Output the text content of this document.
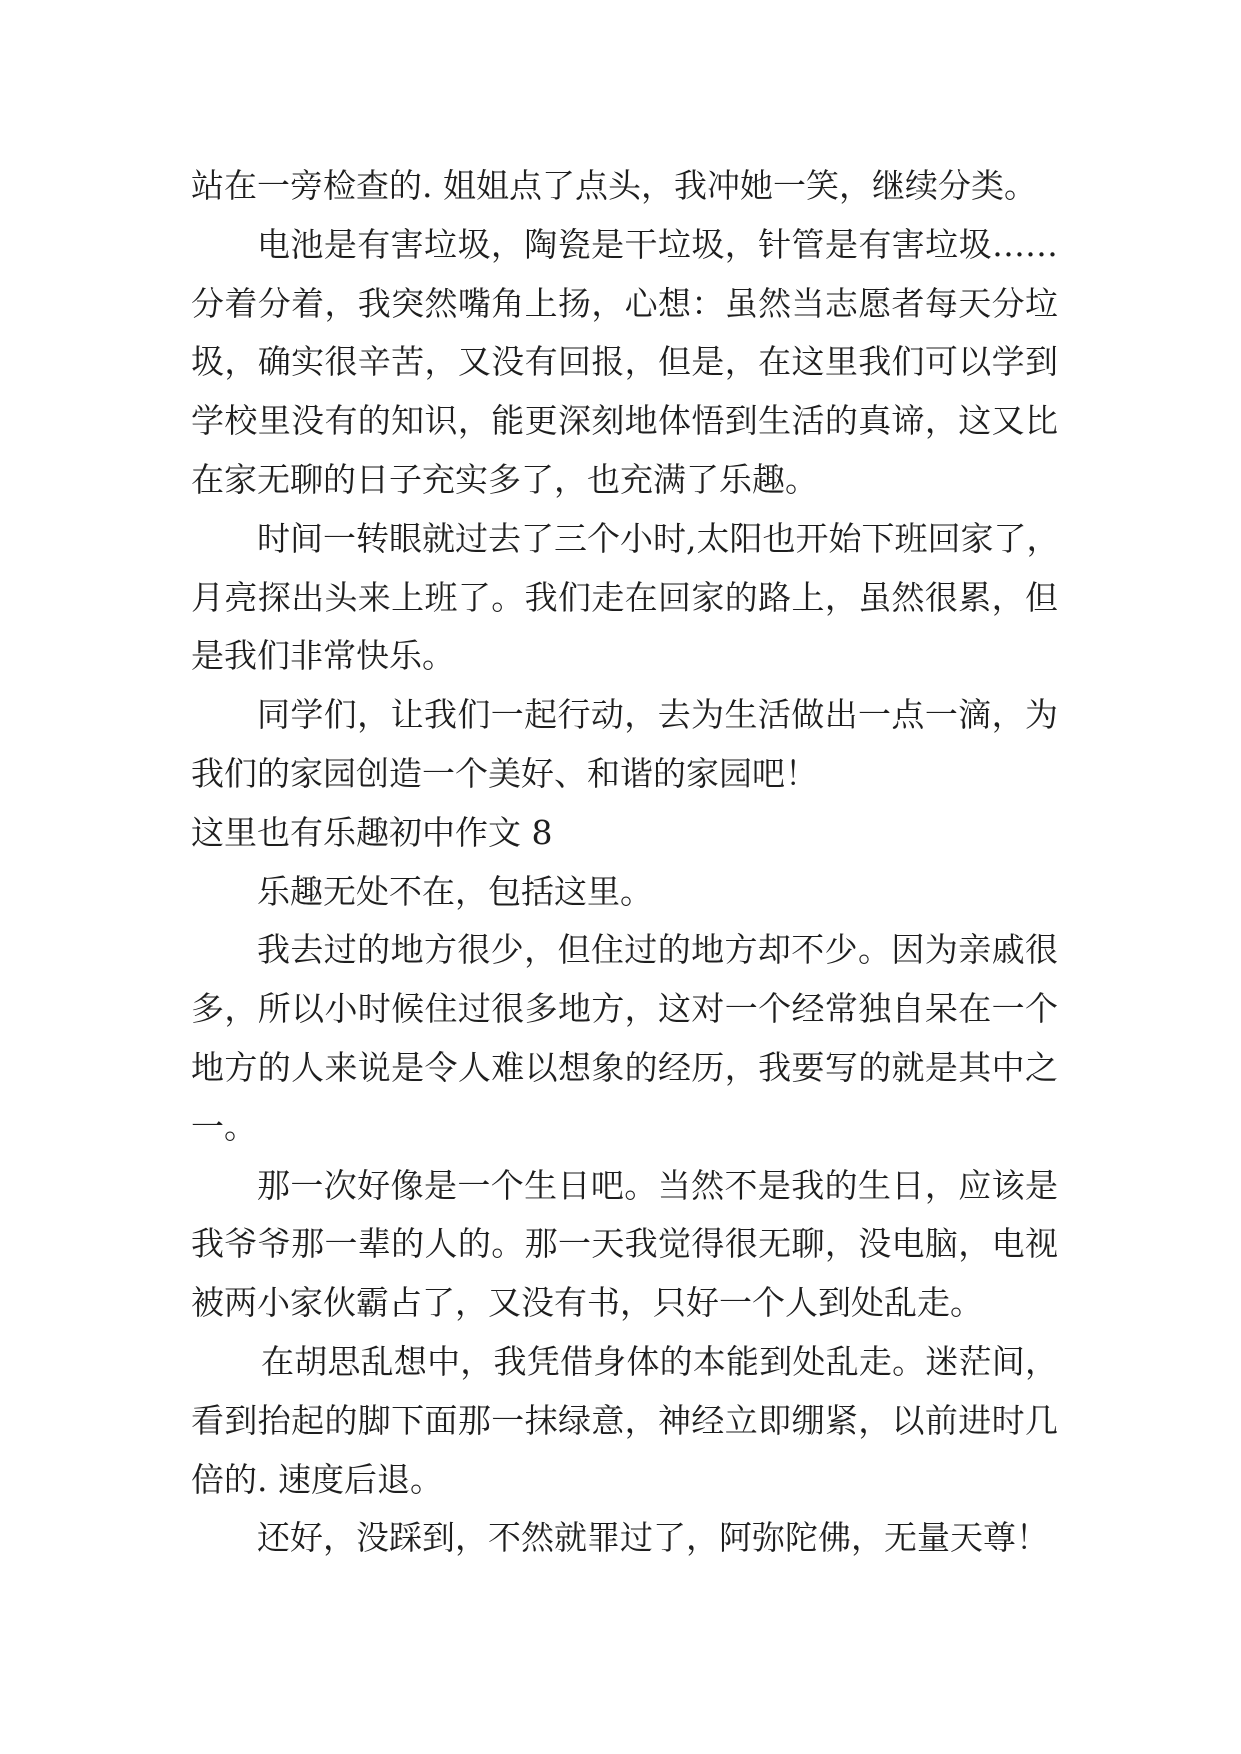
站在一旁检查的. 姐姐点了点头，我冲她一笑，继续分类。
电池是有害垃圾，陶瓷是干垃圾，针管是有害垃圾……
分着分着，我突然嘴角上扬，心想：虽然当志愿者每天分垃
圾，确实很辛苦，又没有回报，但是，在这里我们可以学到
学校里没有的知识，能更深刻地体悟到生活的真谛，这又比
在家无聊的日子充实多了，也充满了乐趣。
时间一转眼就过去了三个小时,太阳也开始下班回家了，
月亮探出头来上班了。我们走在回家的路上，虽然很累，但
是我们非常快乐。
同学们，让我们一起行动，去为生活做出一点一滴，为
我们的家园创造一个美好、和谐的家园吧！
这里也有乐趣初中作文 8
乐趣无处不在，包括这里。
我去过的地方很少，但住过的地方却不少。因为亲戚很
多，所以小时候住过很多地方，这对一个经常独自呆在一个
地方的人来说是令人难以想象的经历，我要写的就是其中之
一。
那一次好像是一个生日吧。当然不是我的生日，应该是
我爷爷那一辈的人的。那一天我觉得很无聊，没电脑，电视
被两小家伙霸占了，又没有书，只好一个人到处乱走。
在胡思乱想中，我凭借身体的本能到处乱走。迷茫间，
看到抬起的脚下面那一抹绿意，神经立即绷紧，以前进时几
倍的. 速度后退。
还好，没踩到，不然就罪过了，阿弥陀佛，无量天尊！
